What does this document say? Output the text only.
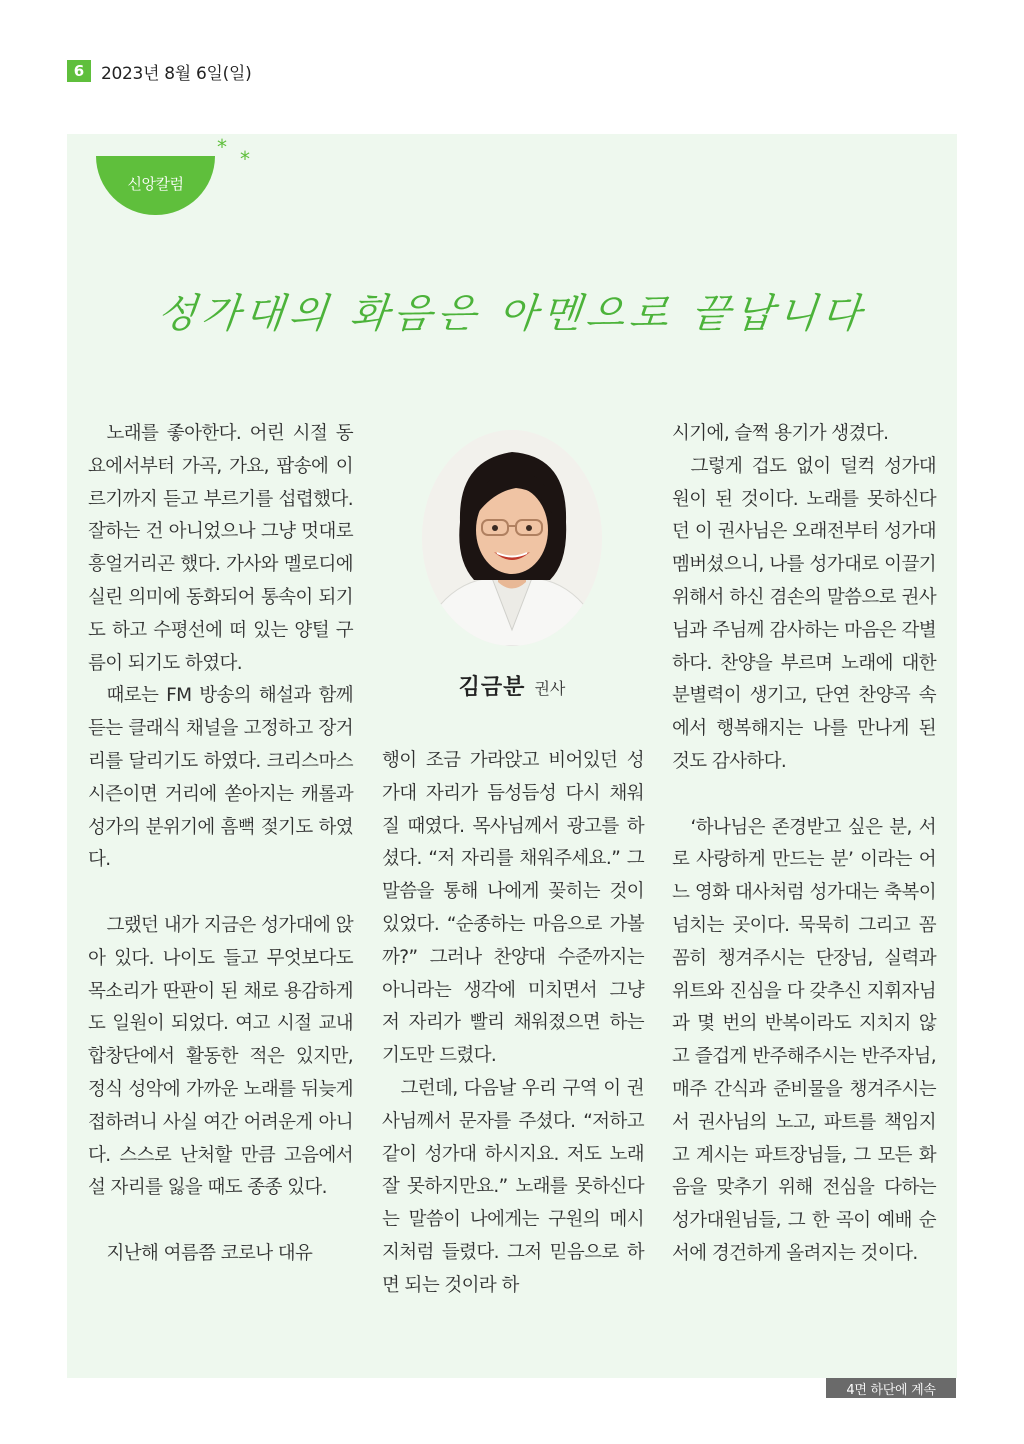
6 2023년 8월 6일(일)
신앙칼럼
* *
성가대의 화음은 아멘으로 끝납니다

노래를 좋아한다. 어린 시절 동요에서부터 가곡, 가요, 팝송에 이르기까지 듣고 부르기를 섭렵했다. 잘하는 건 아니었으나 그냥 멋대로 흥얼거리곤 했다. 가사와 멜로디에 실린 의미에 동화되어 통속이 되기도 하고 수평선에 떠 있는 양털 구름이 되기도 하였다.

때로는 FM 방송의 해설과 함께 듣는 클래식 채널을 고정하고 장거리를 달리기도 하였다. 크리스마스 시즌이면 거리에 쏟아지는 캐롤과 성가의 분위기에 흠뻑 젖기도 하였다.

그랬던 내가 지금은 성가대에 앉아 있다. 나이도 들고 무엇보다도 목소리가 딴판이 된 채로 용감하게도 일원이 되었다. 여고 시절 교내 합창단에서 활동한 적은 있지만, 정식 성악에 가까운 노래를 뒤늦게 접하려니 사실 여간 어려운게 아니다. 스스로 난처할 만큼 고음에서 설 자리를 잃을 때도 종종 있다.

지난해 여름쯤 코로나 대유

김금분 권사

행이 조금 가라앉고 비어있던 성가대 자리가 듬성듬성 다시 채워질 때였다. 목사님께서 광고를 하셨다. “저 자리를 채워주세요.” 그 말씀을 통해 나에게 꽂히는 것이 있었다. “순종하는 마음으로 가볼까?” 그러나 찬양대 수준까지는 아니라는 생각에 미치면서 그냥 저 자리가 빨리 채워졌으면 하는 기도만 드렸다.

그런데, 다음날 우리 구역 이 권사님께서 문자를 주셨다. “저하고 같이 성가대 하시지요. 저도 노래 잘 못하지만요.” 노래를 못하신다는 말씀이 나에게는 구원의 메시지처럼 들렸다. 그저 믿음으로 하면 되는 것이라 하

시기에, 슬쩍 용기가 생겼다.

그렇게 겁도 없이 덜컥 성가대원이 된 것이다. 노래를 못하신다던 이 권사님은 오래전부터 성가대 멤버셨으니, 나를 성가대로 이끌기 위해서 하신 겸손의 말씀으로 권사님과 주님께 감사하는 마음은 각별하다. 찬양을 부르며 노래에 대한 분별력이 생기고, 단연 찬양곡 속에서 행복해지는 나를 만나게 된 것도 감사하다.

‘하나님은 존경받고 싶은 분, 서로 사랑하게 만드는 분’ 이라는 어느 영화 대사처럼 성가대는 축복이 넘치는 곳이다. 묵묵히 그리고 꼼꼼히 챙겨주시는 단장님, 실력과 위트와 진심을 다 갖추신 지휘자님과 몇 번의 반복이라도 지치지 않고 즐겁게 반주해주시는 반주자님, 매주 간식과 준비물을 챙겨주시는 서 권사님의 노고, 파트를 책임지고 계시는 파트장님들, 그 모든 화음을 맞추기 위해 전심을 다하는 성가대원님들, 그 한 곡이 예배 순서에 경건하게 올려지는 것이다.

4면 하단에 계속
